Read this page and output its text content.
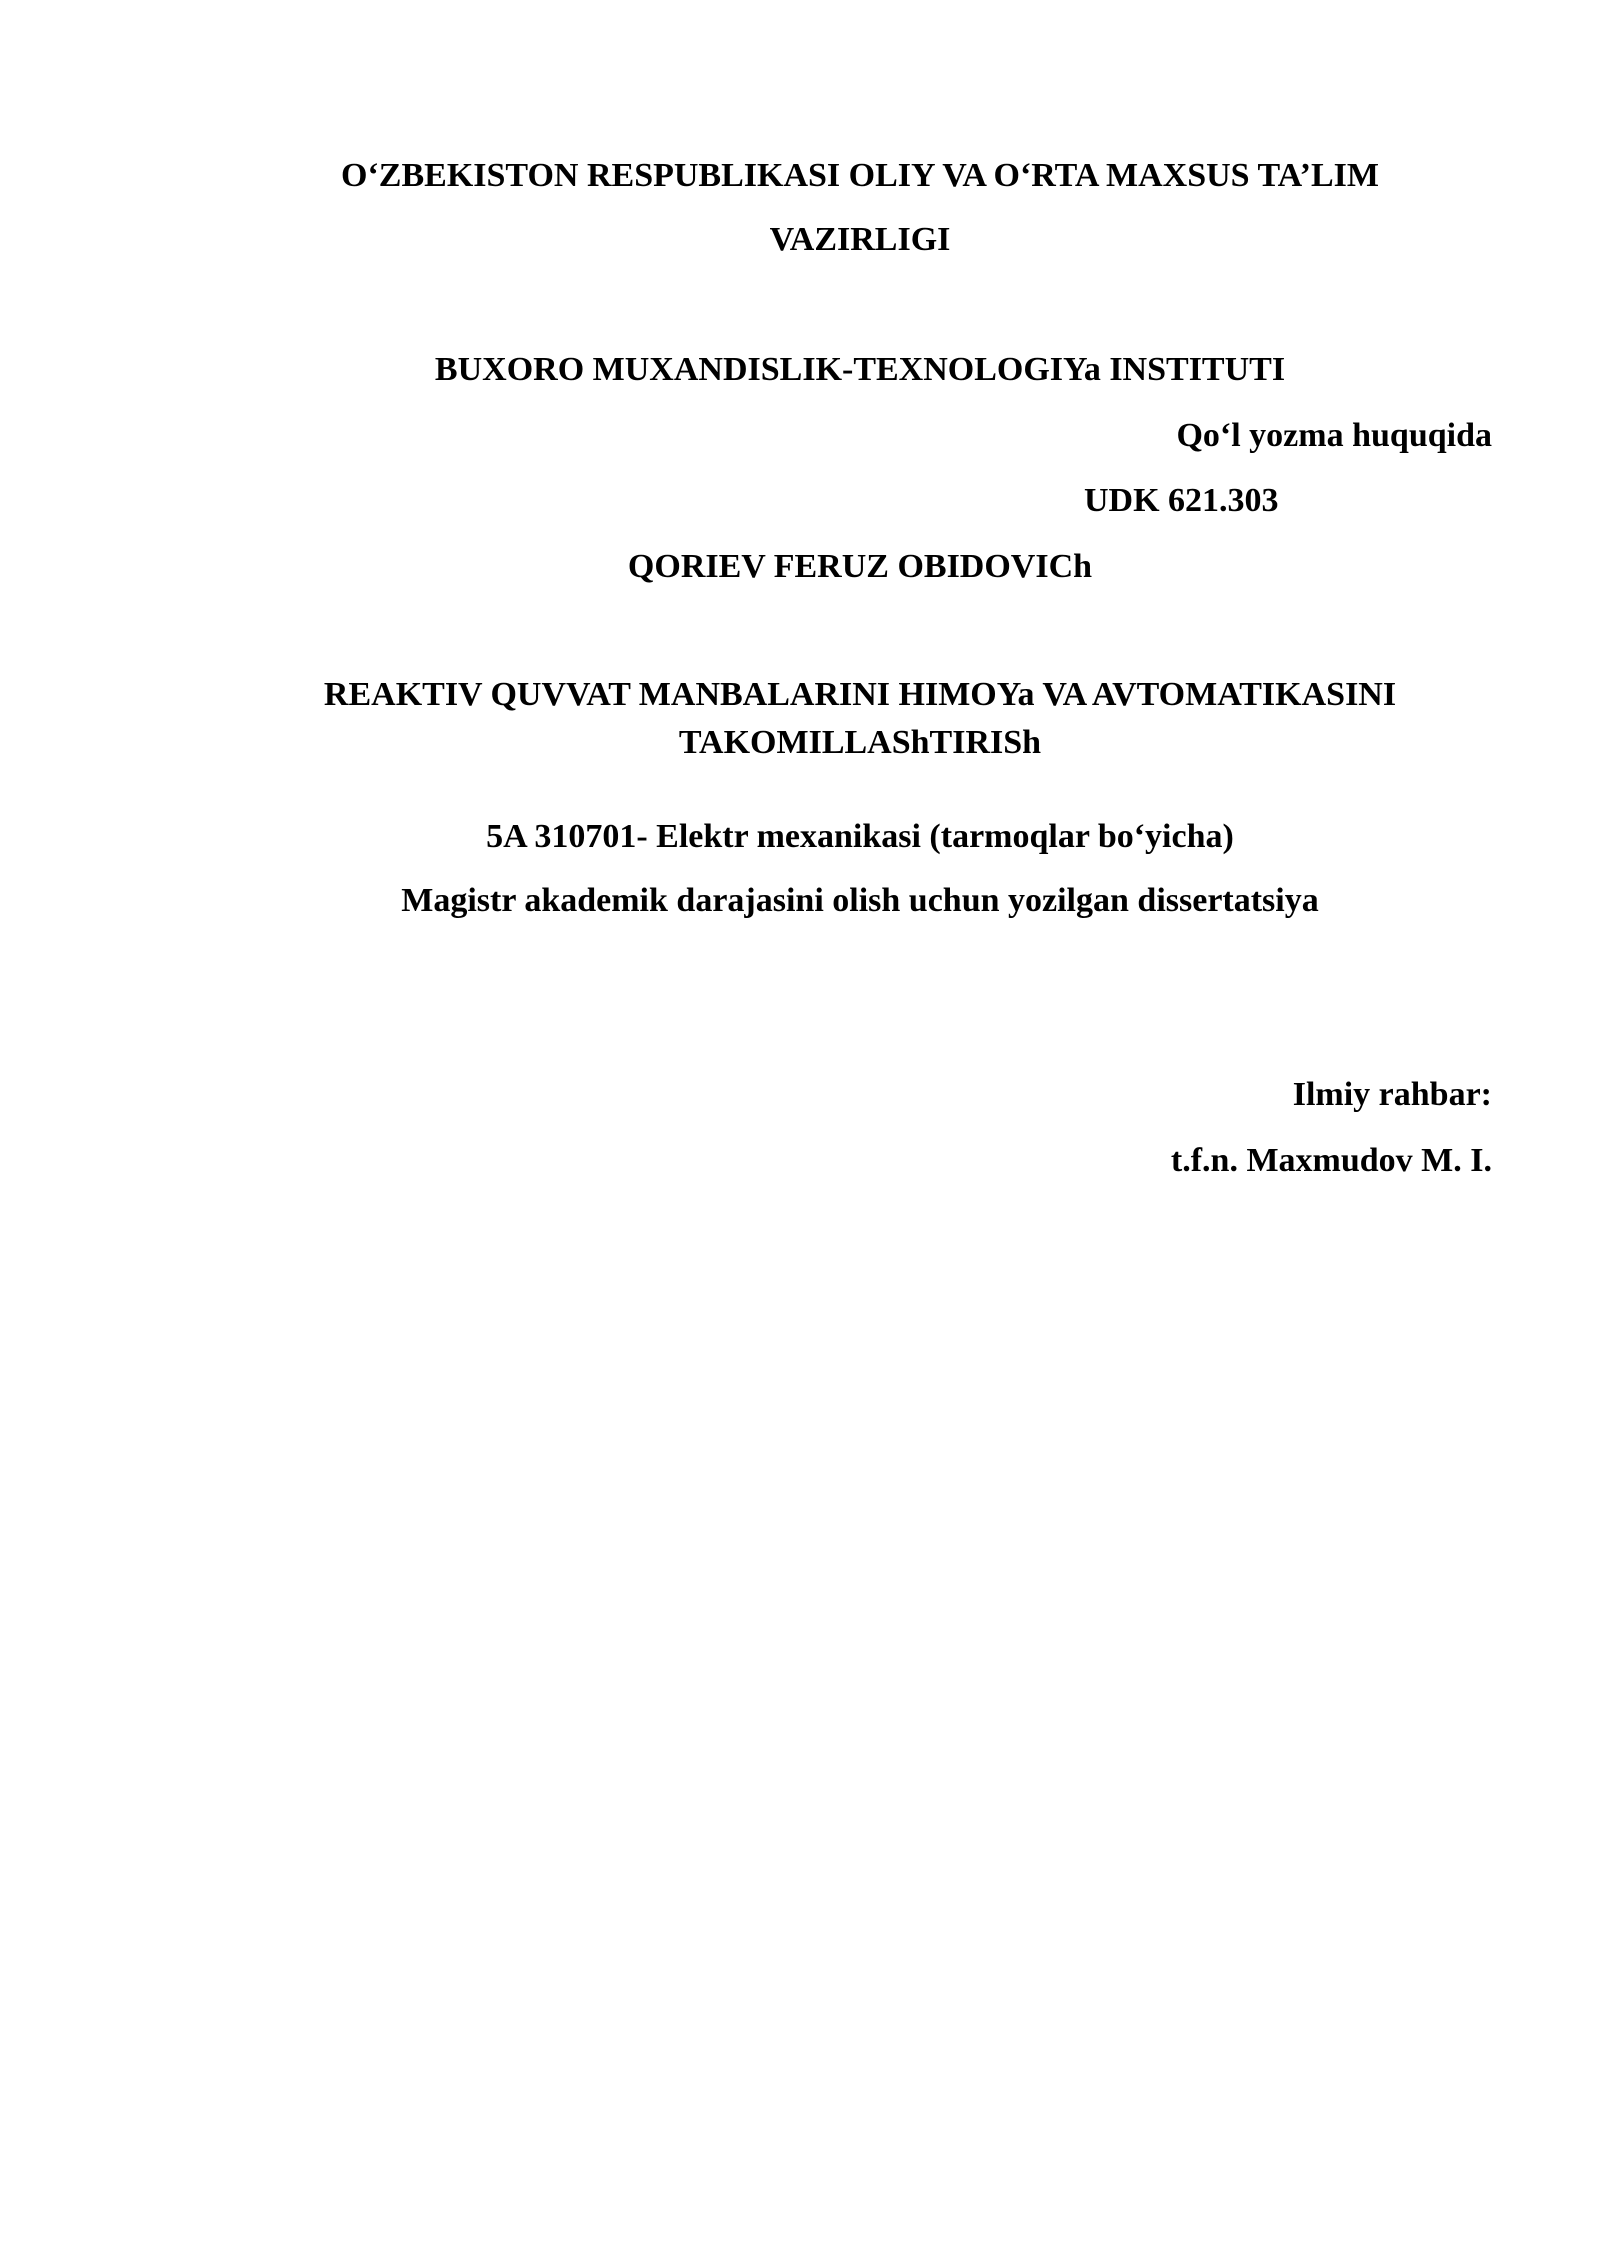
O‘ZBEKISTON RESPUBLIKASI OLIY VA O‘RTA MAXSUS TA’LIM

VAZIRLIGI

BUXORO MUXANDISLIK-TEXNOLOGIYa INSTITUTI

Qo‘l yozma huquqida

UDK 621.303

QORIEV FERUZ OBIDOVICh

REAKTIV QUVVAT MANBALARINI HIMOYa VA AVTOMATIKASINI

TAKOMILLAShTIRISh

5A 310701- Elektr mexanikasi (tarmoqlar bo‘yicha)

Magistr akademik darajasini olish uchun yozilgan dissertatsiya

Ilmiy rahbar:

t.f.n. Maxmudov M. I.
